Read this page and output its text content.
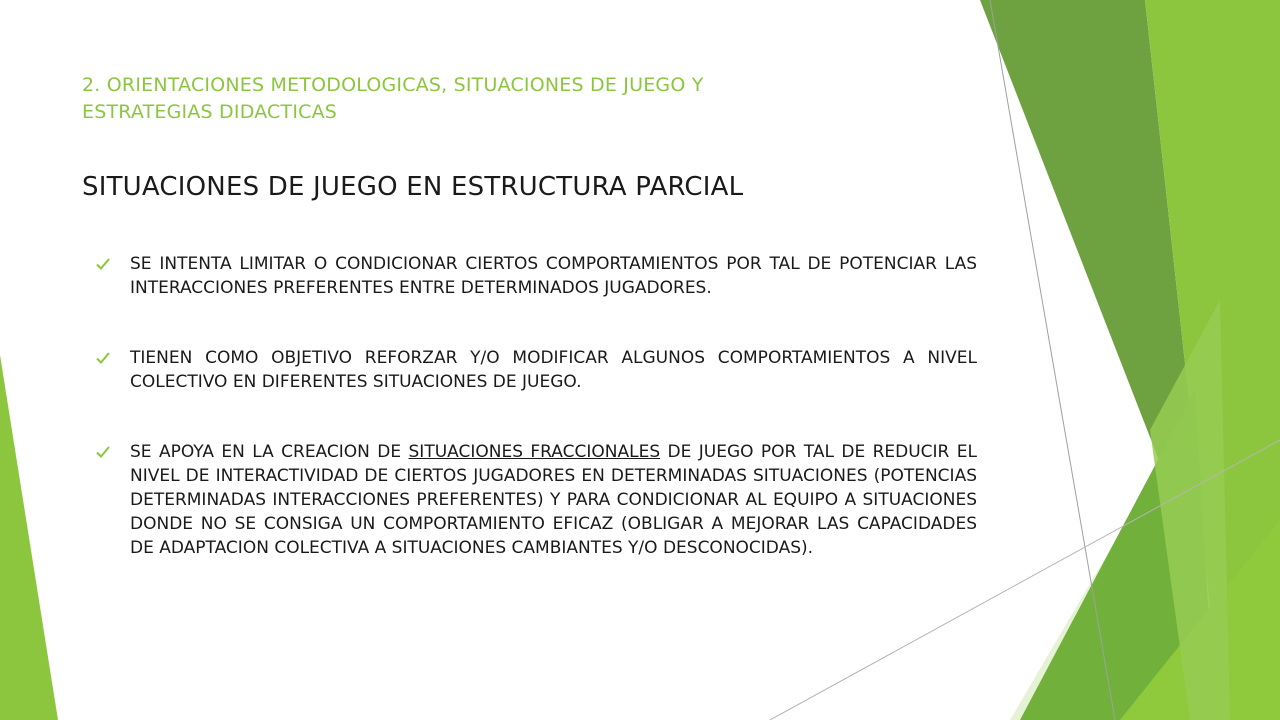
2. ORIENTACIONES METODOLOGICAS, SITUACIONES DE JUEGO Y
ESTRATEGIAS DIDACTICAS
SITUACIONES DE JUEGO EN ESTRUCTURA PARCIAL
SE INTENTA LIMITAR O CONDICIONAR CIERTOS COMPORTAMIENTOS POR TAL DE POTENCIAR LAS INTERACCIONES PREFERENTES ENTRE DETERMINADOS JUGADORES.
TIENEN COMO OBJETIVO REFORZAR Y/O MODIFICAR ALGUNOS COMPORTAMIENTOS A NIVEL COLECTIVO EN DIFERENTES SITUACIONES DE JUEGO.
SE APOYA EN LA CREACION DE SITUACIONES FRACCIONALES DE JUEGO POR TAL DE REDUCIR EL NIVEL DE INTERACTIVIDAD DE CIERTOS JUGADORES EN DETERMINADAS SITUACIONES (POTENCIAS DETERMINADAS INTERACCIONES PREFERENTES) Y PARA CONDICIONAR AL EQUIPO A SITUACIONES DONDE NO SE CONSIGA UN COMPORTAMIENTO EFICAZ (OBLIGAR A MEJORAR LAS CAPACIDADES DE ADAPTACION COLECTIVA A SITUACIONES CAMBIANTES Y/O DESCONOCIDAS).
